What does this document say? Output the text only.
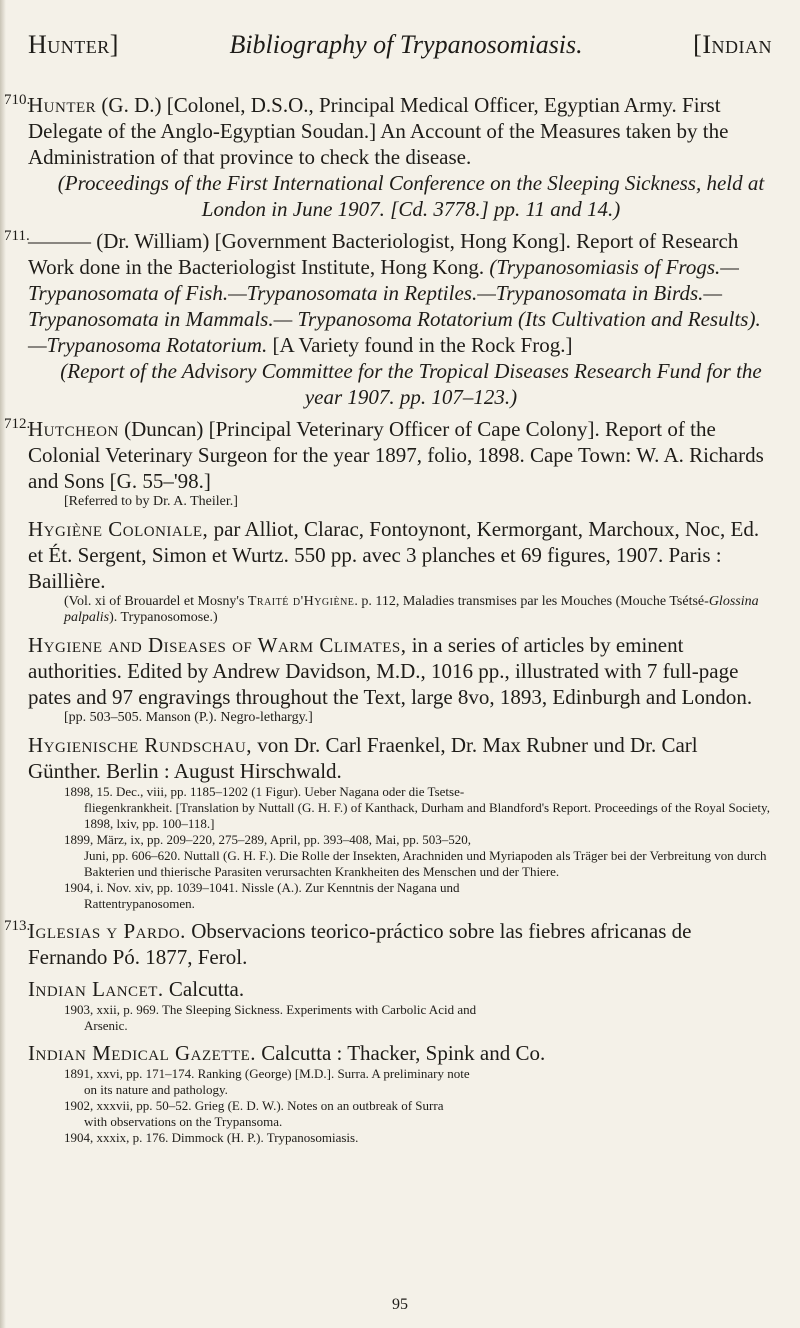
Hunter]	Bibliography of Trypanosomiasis.	[Indian
710.
Hunter (G. D.) [Colonel, D.S.O., Principal Medical Officer, Egyptian Army. First Delegate of the Anglo-Egyptian Soudan.] An Account of the Measures taken by the Administration of that province to check the disease.
(Proceedings of the First International Conference on the Sleeping Sickness, held at London in June 1907. [Cd. 3778.] pp. 11 and 14.)
711.
——— (Dr. William) [Government Bacteriologist, Hong Kong]. Report of Research Work done in the Bacteriologist Institute, Hong Kong. (Trypanosomiasis of Frogs.—Trypanosomata of Fish.—Trypanosomata in Reptiles.—Trypanosomata in Birds.—Trypanosomata in Mammals.— Trypanosoma Rotatorium (Its Cultivation and Results).—Trypanosoma Rotatorium. [A Variety found in the Rock Frog.]
(Report of the Advisory Committee for the Tropical Diseases Research Fund for the year 1907. pp. 107–123.)
712.
Hutcheon (Duncan) [Principal Veterinary Officer of Cape Colony]. Report of the Colonial Veterinary Surgeon for the year 1897, folio, 1898. Cape Town: W. A. Richards and Sons [G. 55–'98.]
[Referred to by Dr. A. Theiler.]
Hygiène Coloniale, par Alliot, Clarac, Fontoynont, Kermorgant, Marchoux, Noc, Ed. et Ét. Sergent, Simon et Wurtz. 550 pp. avec 3 planches et 69 figures, 1907. Paris : Baillière.
(Vol. xi of Brouardel et Mosny's Traité d'Hygiène. p. 112, Maladies transmises par les Mouches (Mouche Tsétsé-Glossina palpalis). Trypanosomose.)
Hygiene and Diseases of Warm Climates, in a series of articles by eminent authorities. Edited by Andrew Davidson, M.D., 1016 pp., illustrated with 7 full-page pates and 97 engravings throughout the Text, large 8vo, 1893, Edinburgh and London.
[pp. 503–505. Manson (P.). Negro-lethargy.]
Hygienische Rundschau, von Dr. Carl Fraenkel, Dr. Max Rubner und Dr. Carl Günther. Berlin : August Hirschwald.
1898, 15. Dec., viii, pp. 1185–1202 (1 Figur). Ueber Nagana oder die Tsetse-
fliegenkrankheit. [Translation by Nuttall (G. H. F.) of Kanthack, Durham and Blandford's Report. Proceedings of the Royal Society, 1898, lxiv, pp. 100–118.]
1899, März, ix, pp. 209–220, 275–289, April, pp. 393–408, Mai, pp. 503–520,
Juni, pp. 606–620. Nuttall (G. H. F.). Die Rolle der Insekten, Arachniden und Myriapoden als Träger bei der Verbreitung von durch Bakterien und thierische Parasiten verursachten Krankheiten des Menschen und der Thiere.
1904, i. Nov. xiv, pp. 1039–1041. Nissle (A.). Zur Kenntnis der Nagana und
Rattentrypanosomen.
713.
Iglesias y Pardo. Observacions teorico-práctico sobre las fiebres africanas de Fernando Pó. 1877, Ferol.
Indian Lancet. Calcutta.
1903, xxii, p. 969. The Sleeping Sickness. Experiments with Carbolic Acid and
Arsenic.
Indian Medical Gazette. Calcutta : Thacker, Spink and Co.
1891, xxvi, pp. 171–174. Ranking (George) [M.D.]. Surra. A preliminary note
on its nature and pathology.
1902, xxxvii, pp. 50–52. Grieg (E. D. W.). Notes on an outbreak of Surra
with observations on the Trypansoma.
1904, xxxix, p. 176. Dimmock (H. P.). Trypanosomiasis.
95
